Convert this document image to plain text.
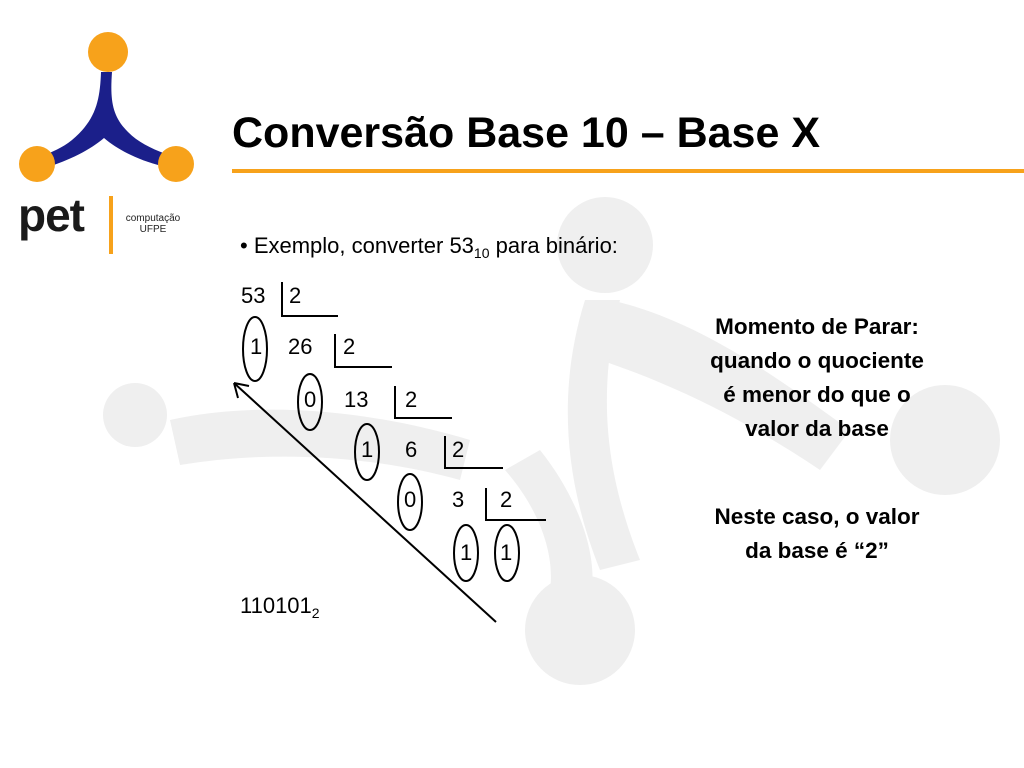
pet	computação
UFPE
Conversão Base 10 – Base X
• Exemplo, converter $53_{10}$ para binário:
53 2
1 26 2
0 13 2
1 6 2
0 3 2
1 1
$110101_2$
Momento de Parar: quando o quociente é menor do que o valor da base
Neste caso, o valor da base é “2”
